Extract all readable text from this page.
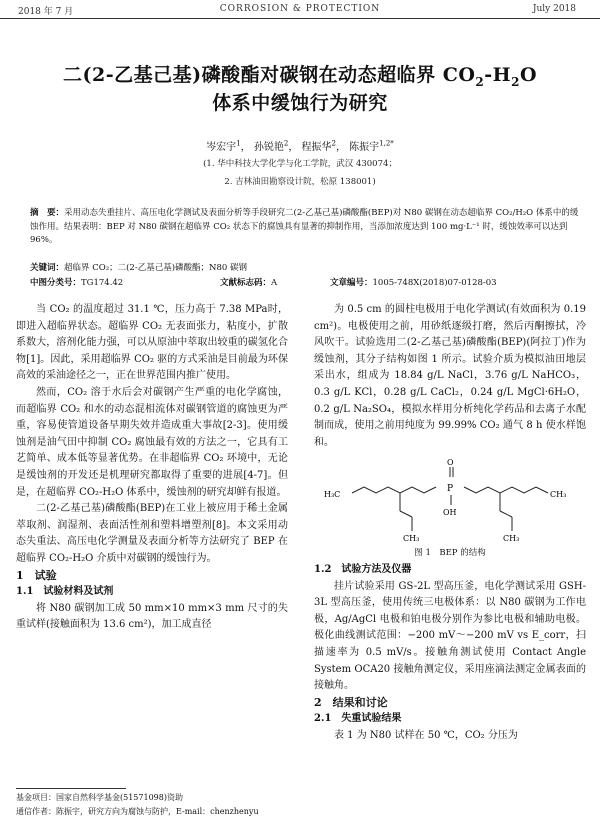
2018 年 7 月	CORROSION & PROTECTION	July 2018
二(2-乙基己基)磷酸酯对碳钢在动态超临界 $CO_2-H_2O$
体系中缓蚀行为研究
岑宏宇$^1$， 孙锐艳$^2$， 程振华$^2$， 陈振宇$^{1,2*}$
(1. 华中科技大学化学与化工学院，武汉 430074；
2. 吉林油田勘察设计院，松原 138001)
摘　要：采用动态失重挂片、高压电化学测试及表面分析等手段研究二(2-乙基己基)磷酸酯(BEP)对 N80 碳钢在动态超临界 CO₂/H₂O 体系中的缓蚀作用。结果表明：BEP 对 N80 碳钢在超临界 CO₂ 状态下的腐蚀具有显著的抑制作用，当添加浓度达到 100 mg·L⁻¹ 时，缓蚀效率可以达到 96%。
关键词：超临界 CO₂；二(2-乙基己基)磷酸酯；N80 碳钢
中图分类号：TG174.42	文献标志码：A	文章编号：1005-748X(2018)07-0128-03

当 CO₂ 的温度超过 31.1 ℃，压力高于 7.38 MPa时，即进入超临界状态。超临界 CO₂ 无表面张力，粘度小，扩散系数大，溶剂化能力强，可以从原油中萃取出较重的碳氢化合物[1]。因此，采用超临界 CO₂ 驱的方式采油是目前最为环保高效的采油途径之一，正在世界范围内推广使用。

然而，CO₂ 溶于水后会对碳钢产生严重的电化学腐蚀，而超临界 CO₂ 和水的动态混相流体对碳钢管道的腐蚀更为严重，容易使管道设备早期失效并造成重大事故[2-3]。使用缓蚀剂是油气田中抑制 CO₂ 腐蚀最有效的方法之一，它具有工艺简单、成本低等显著优势。在非超临界 CO₂ 环境中，无论是缓蚀剂的开发还是机理研究都取得了重要的进展[4-7]。但是，在超临界 CO₂-H₂O 体系中，缓蚀剂的研究却鲜有报道。

二(2-乙基己基)磷酸酯(BEP)在工业上被应用于稀土金属萃取剂、润湿剂、表面活性剂和塑料增塑剂[8]。本文采用动态失重法、高压电化学测量及表面分析等方法研究了 BEP 在超临界 CO₂-H₂O 介质中对碳钢的缓蚀行为。

1　试验

1.1　试验材料及试剂

将 N80 碳钢加工成 50 mm×10 mm×3 mm 尺寸的失重试样(接触面积为 13.6 cm²)，加工成直径

为 0.5 cm 的圆柱电极用于电化学测试(有效面积为 0.19 cm²)。电极使用之前，用砂纸逐级打磨，然后丙酮擦拭，冷风吹干。试验选用二(2-乙基己基)磷酸酯(BEP)(阿拉丁)作为缓蚀剂，其分子结构如图 1 所示。试验介质为模拟油田地层采出水，组成为 18.84 g/L NaCl，3.76 g/L NaHCO₃，0.3 g/L KCl，0.28 g/L CaCl₂，0.24 g/L MgCl·6H₂O，0.2 g/L Na₂SO₄，模拟水样用分析纯化学药品和去离子水配制而成，使用之前用纯度为 99.99% CO₂ 通气 8 h 使水样饱和。

H₃C	CH₃
O
P
OH
CH₃	CH₃

图 1　BEP 的结构

1.2　试验方法及仪器

挂片试验采用 GS-2L 型高压釜，电化学测试采用 GSH-3L 型高压釜，使用传统三电极体系：以 N80 碳钢为工作电极，Ag/AgCl 电极和铂电极分别作为参比电极和辅助电极。极化曲线测试范围：−200 mV～−200 mV vs E_corr，扫描速率为 0.5 mV/s。接触角测试使用 Contact Angle System OCA20 接触角测定仪，采用座滴法测定金属表面的接触角。

2　结果和讨论

2.1　失重试验结果

表 1 为 N80 试样在 50 ℃，CO₂ 分压为

基金项目：国家自然科学基金(51571098)资助
通信作者：陈振宇，研究方向为腐蚀与防护，E-mail：chenzhenyu
